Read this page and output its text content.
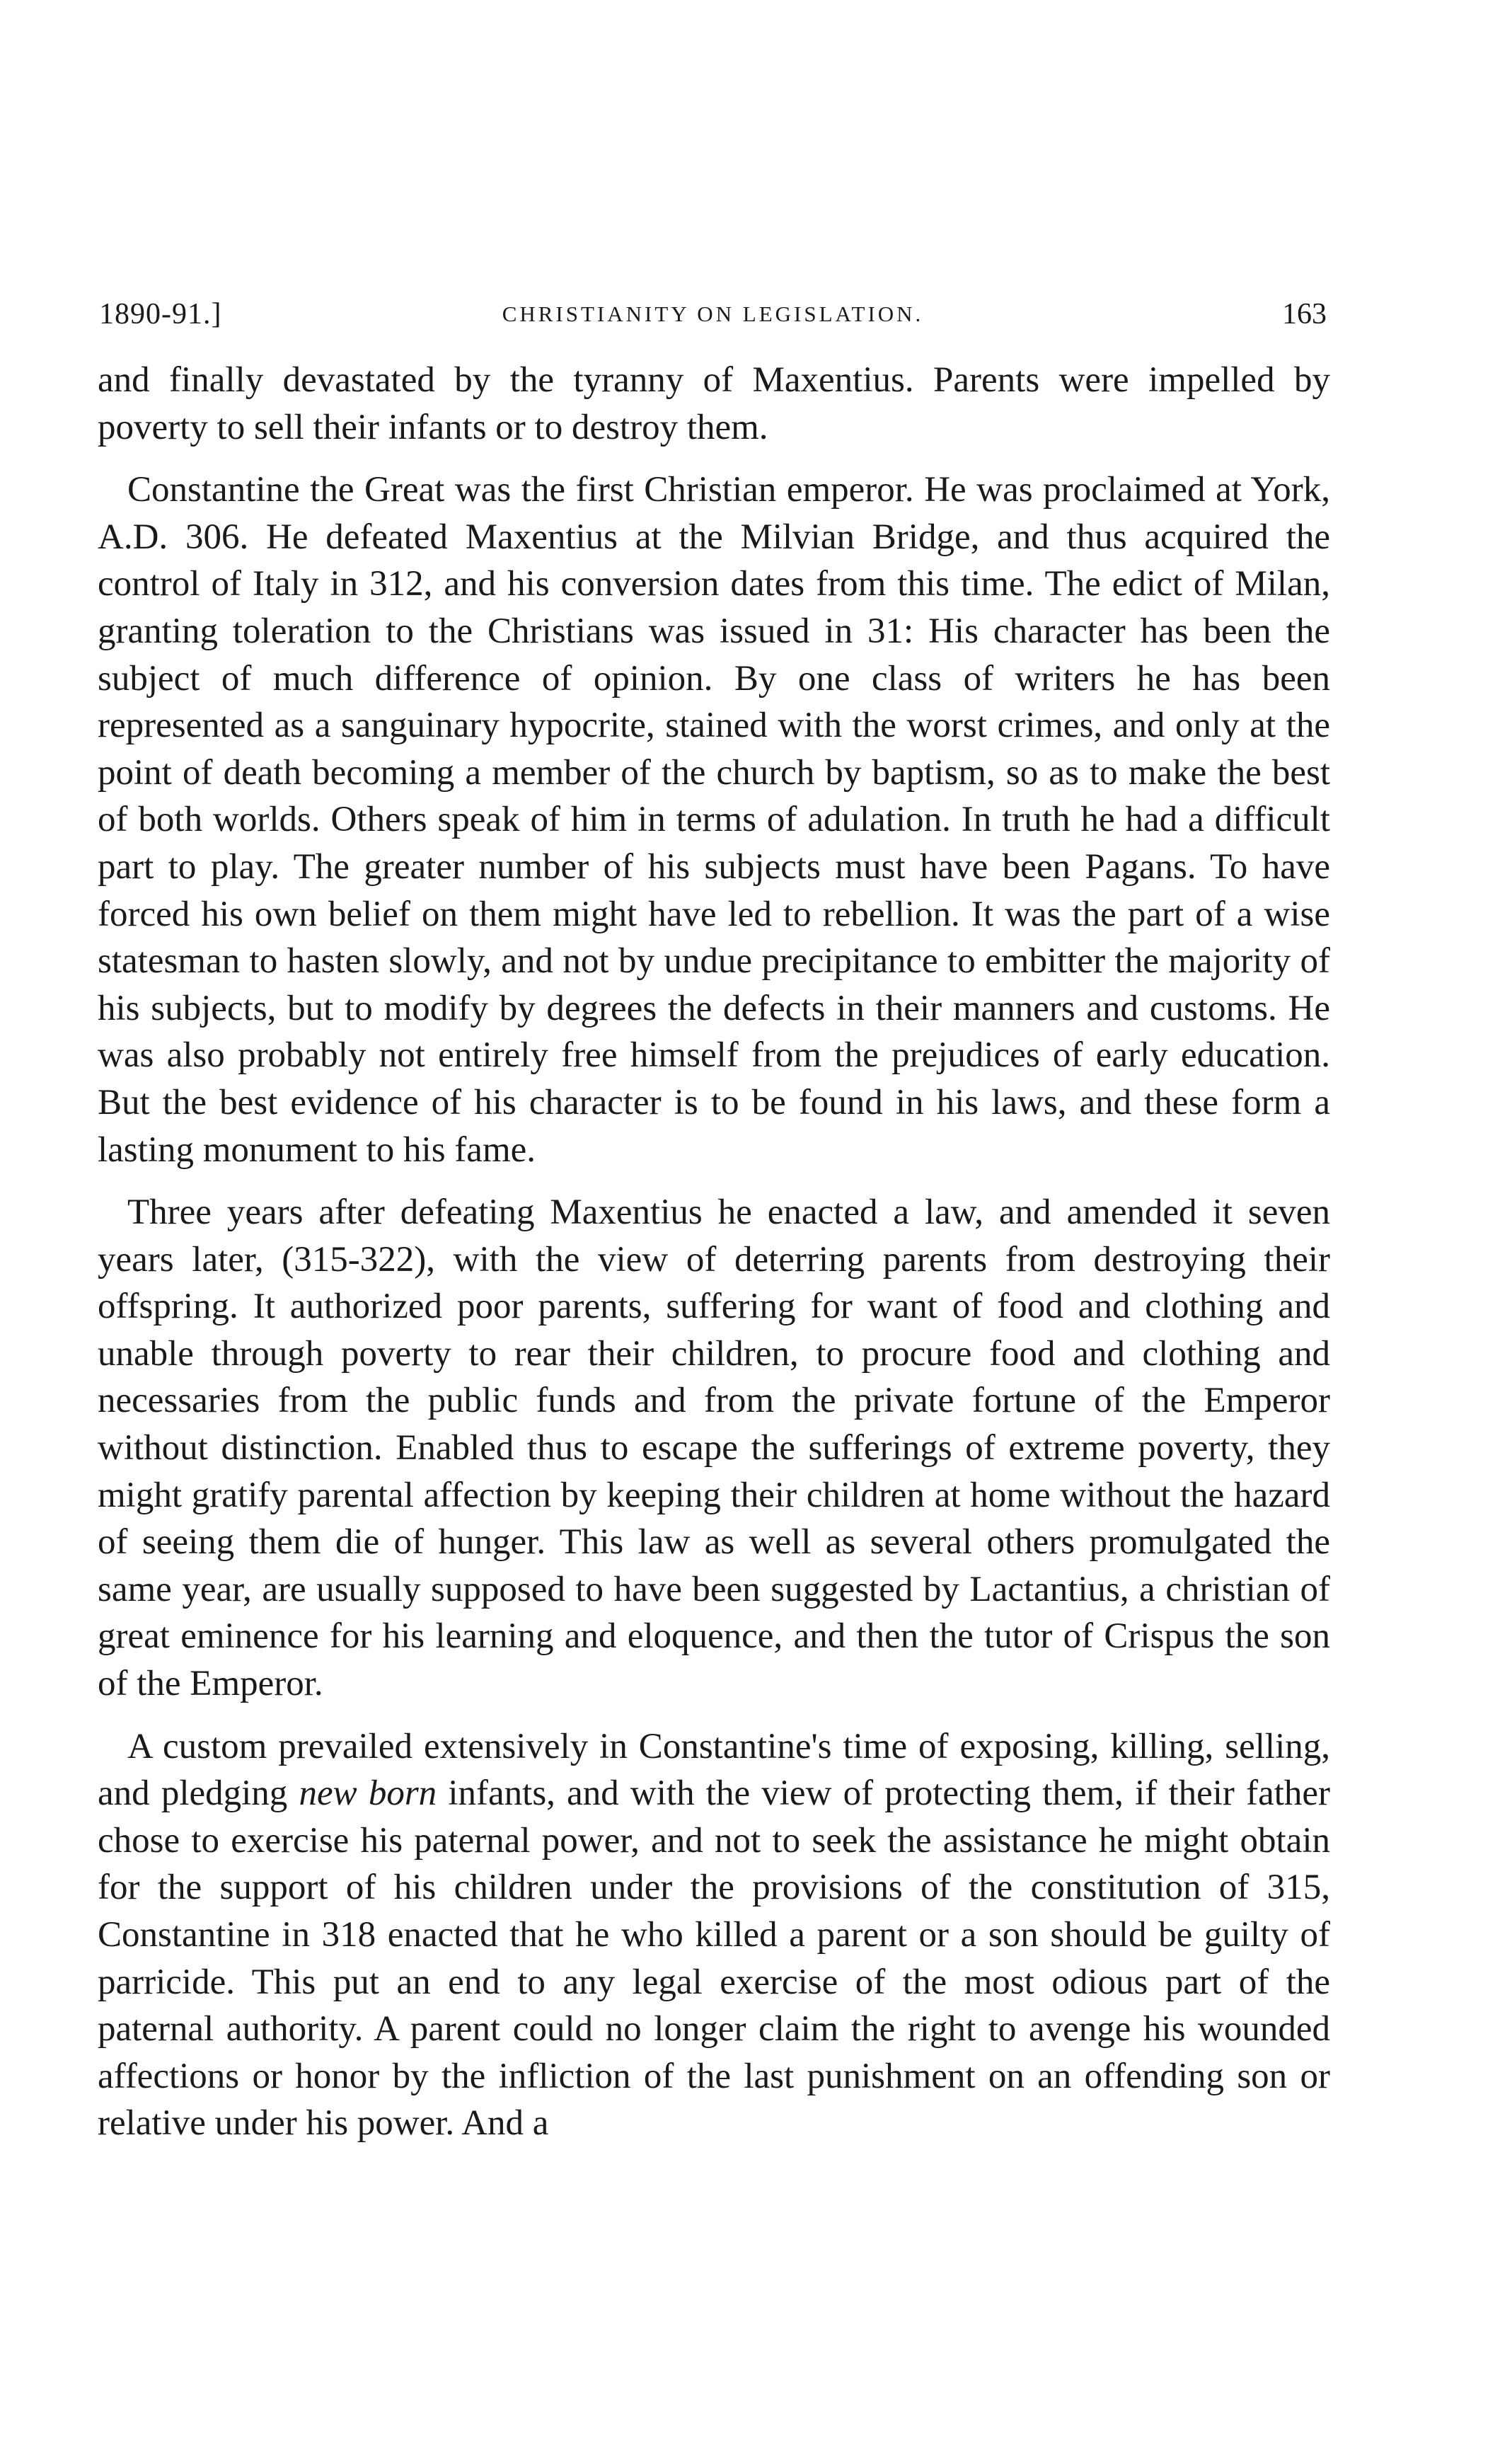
1890-91.]	CHRISTIANITY ON LEGISLATION.	163

and finally devastated by the tyranny of Maxentius. Parents were impelled by poverty to sell their infants or to destroy them.

Constantine the Great was the first Christian emperor. He was proclaimed at York, A.D. 306. He defeated Maxentius at the Milvian Bridge, and thus acquired the control of Italy in 312, and his conversion dates from this time. The edict of Milan, granting toleration to the Christians was issued in 31: His character has been the subject of much difference of opinion. By one class of writers he has been represented as a sanguinary hypocrite, stained with the worst crimes, and only at the point of death becoming a member of the church by baptism, so as to make the best of both worlds. Others speak of him in terms of adulation. In truth he had a difficult part to play. The greater number of his subjects must have been Pagans. To have forced his own belief on them might have led to rebellion. It was the part of a wise statesman to hasten slowly, and not by undue precipitance to embitter the majority of his subjects, but to modify by degrees the defects in their manners and customs. He was also probably not entirely free himself from the prejudices of early education. But the best evidence of his character is to be found in his laws, and these form a lasting monument to his fame.

Three years after defeating Maxentius he enacted a law, and amended it seven years later, (315-322), with the view of deterring parents from destroying their offspring. It authorized poor parents, suffering for want of food and clothing and unable through poverty to rear their children, to procure food and clothing and necessaries from the public funds and from the private fortune of the Emperor without distinction. Enabled thus to escape the sufferings of extreme poverty, they might gratify parental affection by keeping their children at home without the hazard of seeing them die of hunger. This law as well as several others promulgated the same year, are usually supposed to have been suggested by Lactantius, a christian of great eminence for his learning and eloquence, and then the tutor of Crispus the son of the Emperor.

A custom prevailed extensively in Constantine's time of exposing, killing, selling, and pledging new born infants, and with the view of protecting them, if their father chose to exercise his paternal power, and not to seek the assistance he might obtain for the support of his children under the provisions of the constitution of 315, Constantine in 318 enacted that he who killed a parent or a son should be guilty of parricide. This put an end to any legal exercise of the most odious part of the paternal authority. A parent could no longer claim the right to avenge his wounded affections or honor by the infliction of the last punishment on an offending son or relative under his power. And a
